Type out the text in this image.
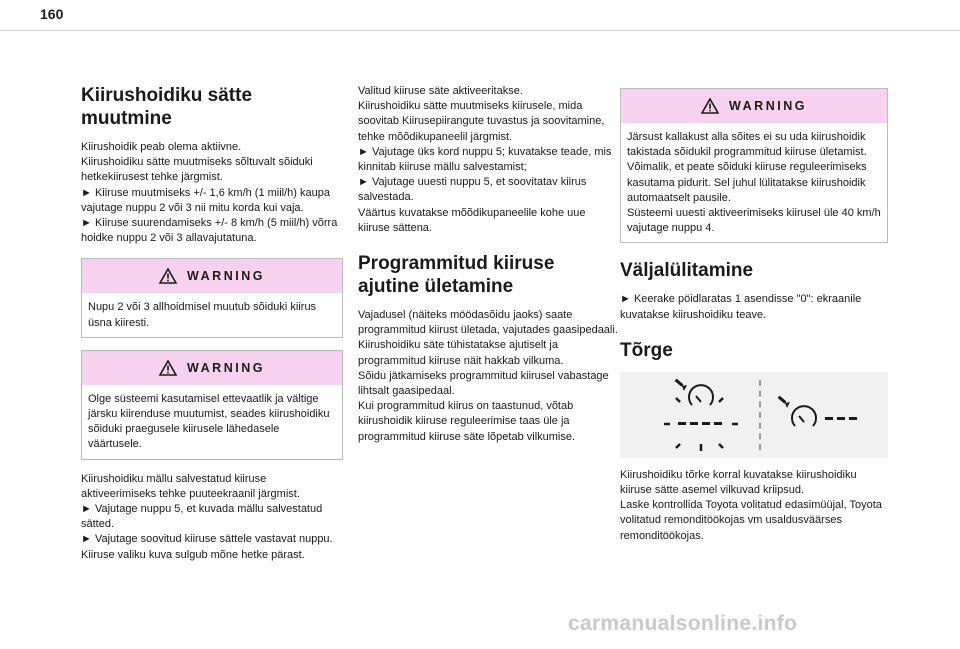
160
Kiirushoidiku sätte muutmine

Kiirushoidik peab olema aktiivne.
Kiirushoidiku sätte muutmiseks sõltuvalt sõiduki hetkekiirusest tehke järgmist.
► Kiiruse muutmiseks +/- 1,6 km/h (1 miil/h) kaupa vajutage nuppu 2 või 3 nii mitu korda kui vaja.
► Kiiruse suurendamiseks +/- 8 km/h (5 miil/h) võrra hoidke nuppu 2 või 3 allavajutatuna.

WARNING

Nupu 2 või 3 allhoidmisel muutub sõiduki kiirus üsna kiiresti.

WARNING

Olge süsteemi kasutamisel ettevaatlik ja vältige järsku kiirenduse muutumist, seades kiirushoidiku sõiduki praegusele kiirusele lähedasele väärtusele.

Kiirushoidiku mällu salvestatud kiiruse aktiveerimiseks tehke puuteekraanil järgmist.
► Vajutage nuppu 5, et kuvada mällu salvestatud sätted.
► Vajutage soovitud kiiruse sättele vastavat nuppu.
Kiiruse valiku kuva sulgub mõne hetke pärast.

Valitud kiiruse säte aktiveeritakse.
Kiirushoidiku sätte muutmiseks kiirusele, mida soovitab Kiirusepiirangute tuvastus ja soovitamine, tehke mõõdikupaneelil järgmist.
► Vajutage üks kord nuppu 5; kuvatakse teade, mis kinnitab kiiruse mällu salvestamist;
► Vajutage uuesti nuppu 5, et soovitatav kiirus salvestada.
Väärtus kuvatakse mõõdikupaneelile kohe uue kiiruse sättena.

Programmitud kiiruse ajutine ületamine

Vajadusel (näiteks möödasõidu jaoks) saate programmitud kiirust ületada, vajutades gaasipedaali.
Kiirushoidiku säte tühistatakse ajutiselt ja programmitud kiiruse näit hakkab vilkuma.
Sõidu jätkamiseks programmitud kiirusel vabastage lihtsalt gaasipedaal.
Kui programmitud kiirus on taastunud, võtab kiirushoidik kiiruse reguleerimise taas üle ja programmitud kiiruse säte lõpetab vilkumise.

WARNING

Järsust kallakust alla sõites ei su uda kiirushoidik takistada sõidukil programmitud kiiruse ületamist.
Võimalik, et peate sõiduki kiiruse reguleerimiseks kasutama pidurit. Sel juhul lülitatakse kiirushoidik automaatselt pausile.
Süsteemi uuesti aktiveerimiseks kiirusel üle 40 km/h vajutage nuppu 4.

Väljalülitamine

► Keerake pöidlaratas 1 asendisse "0": ekraanile kuvatakse kiirushoidiku teave.

Tõrge

Kiirushoidiku tõrke korral kuvatakse kiirushoidiku kiiruse sätte asemel vilkuvad kriipsud.
Laske kontrollida Toyota volitatud edasimüüjal, Toyota volitatud remonditöökojas vm usaldusväärses remonditöökojas.

carmanualsonline.info
